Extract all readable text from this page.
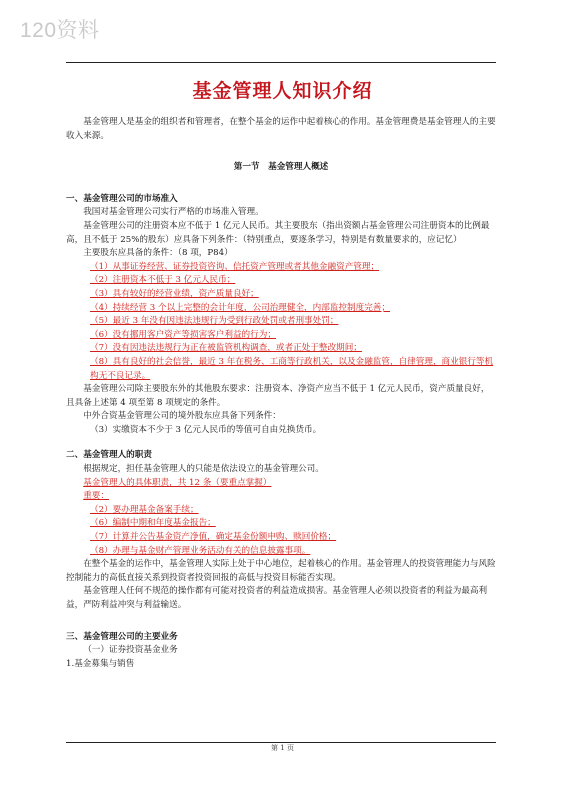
120资料
基金管理人知识介绍

基金管理人是基金的组织者和管理者，在整个基金的运作中起着核心的作用。基金管理费是基金管理人的主要收入来源。

第一节　基金管理人概述

一、基金管理公司的市场准入

我国对基金管理公司实行严格的市场准入管理。

基金管理公司的注册资本应不低于 1 亿元人民币。其主要股东（指出资额占基金管理公司注册资本的比例最高，且不低于 25%的股东）应具备下列条件：（特别重点，要逐条学习，特别是有数量要求的，应记忆）

主要股东应具备的条件：（8 项，P84）

（1）从事证券经营、证券投资咨询、信托资产管理或者其他金融资产管理；

（2）注册资本不低于 3 亿元人民币；

（3）具有较好的经营业绩，资产质量良好；

（4）持续经营 3 个以上完整的会计年度，公司治理健全，内部监控制度完善；

（5）最近 3 年没有因违法违规行为受到行政处罚或者刑事处罚；

（6）没有挪用客户资产等损害客户利益的行为；

（7）没有因违法违规行为正在被监管机构调查，或者正处于整改期间；

（8）具有良好的社会信誉，最近 3 年在税务、工商等行政机关，以及金融监管，自律管理，商业银行等机构无不良记录。

基金管理公司除主要股东外的其他股东要求：注册资本、净资产应当不低于 1 亿元人民币，资产质量良好，且具备上述第 4 项至第 8 项规定的条件。

中外合资基金管理公司的境外股东应具备下列条件：

（3）实缴资本不少于 3 亿元人民币的等值可自由兑换货币。

二、基金管理人的职责

根据规定，担任基金管理人的只能是依法设立的基金管理公司。

基金管理人的具体职责，共 12 条（要重点掌握）

重要：

（2）要办理基金备案手续；

（6）编制中期和年度基金报告；

（7）计算并公告基金资产净值，确定基金份额申购、赎回价格；

（8）办理与基金财产管理业务活动有关的信息披露事项。

在整个基金的运作中，基金管理人实际上处于中心地位，起着核心的作用。基金管理人的投资管理能力与风险控制能力的高低直接关系到投资者投资回报的高低与投资目标能否实现。

基金管理人任何不规范的操作都有可能对投资者的利益造成损害。基金管理人必须以投资者的利益为最高利益，严防利益冲突与利益输送。

三、基金管理公司的主要业务

（一）证券投资基金业务

1.基金募集与销售

第 1 页
